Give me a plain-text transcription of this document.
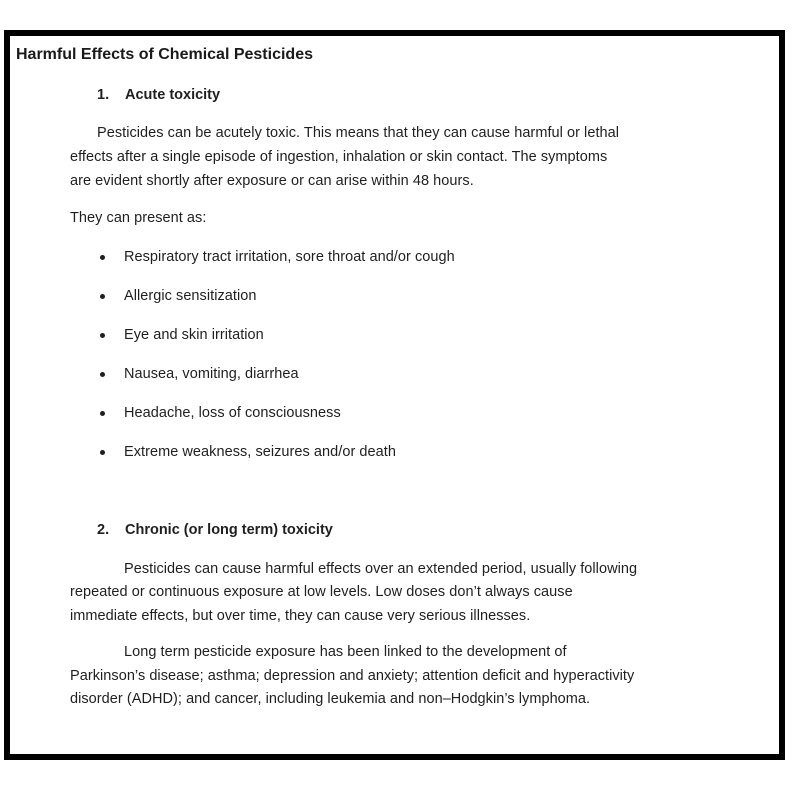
Harmful Effects of Chemical Pesticides
1. Acute toxicity
Pesticides can be acutely toxic. This means that they can cause harmful or lethal
effects after a single episode of ingestion, inhalation or skin contact. The symptoms
are evident shortly after exposure or can arise within 48 hours.
They can present as:
Respiratory tract irritation, sore throat and/or cough
Allergic sensitization
Eye and skin irritation
Nausea, vomiting, diarrhea
Headache, loss of consciousness
Extreme weakness, seizures and/or death
2. Chronic (or long term) toxicity
Pesticides can cause harmful effects over an extended period, usually following
repeated or continuous exposure at low levels. Low doses don’t always cause
immediate effects, but over time, they can cause very serious illnesses.
Long term pesticide exposure has been linked to the development of
Parkinson’s disease; asthma; depression and anxiety; attention deficit and hyperactivity
disorder (ADHD); and cancer, including leukemia and non–Hodgkin’s lymphoma.
